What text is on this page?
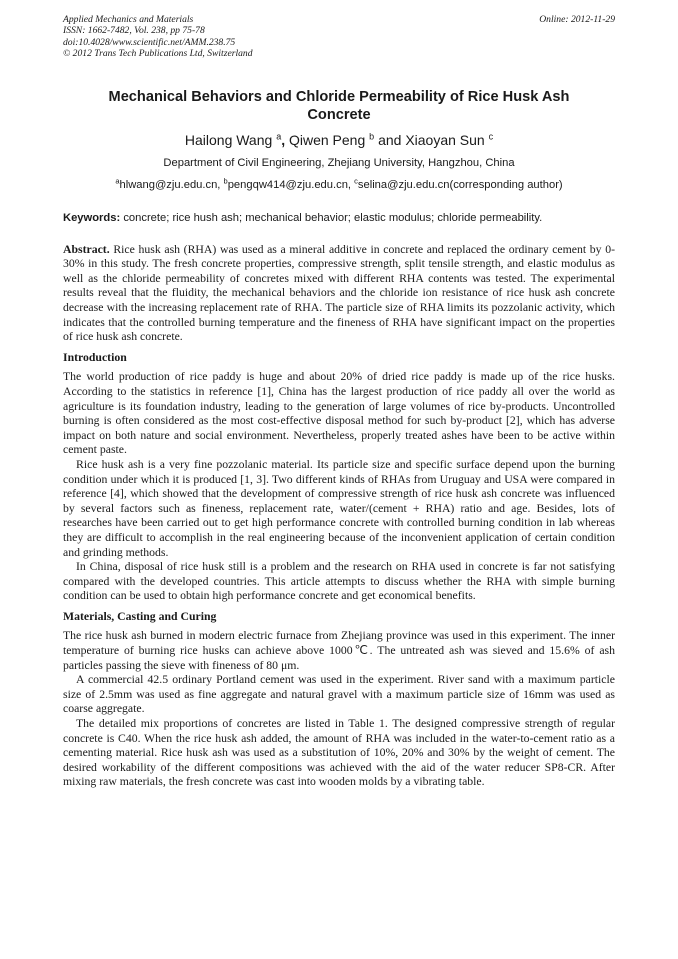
Applied Mechanics and Materials
ISSN: 1662-7482, Vol. 238, pp 75-78
doi:10.4028/www.scientific.net/AMM.238.75
© 2012 Trans Tech Publications Ltd, Switzerland
Online: 2012-11-29
Mechanical Behaviors and Chloride Permeability of Rice Husk Ash Concrete
Hailong Wang $^a$, Qiwen Peng $^b$ and Xiaoyan Sun $^c$
Department of Civil Engineering, Zhejiang University, Hangzhou, China
$^a$hlwang@zju.edu.cn, $^b$pengqw414@zju.edu.cn, $^c$selina@zju.edu.cn(corresponding author)
Keywords: concrete; rice hush ash; mechanical behavior; elastic modulus; chloride permeability.
Abstract. Rice husk ash (RHA) was used as a mineral additive in concrete and replaced the ordinary cement by 0-30% in this study. The fresh concrete properties, compressive strength, split tensile strength, and elastic modulus as well as the chloride permeability of concretes mixed with different RHA contents was tested. The experimental results reveal that the fluidity, the mechanical behaviors and the chloride ion resistance of rice husk ash concrete decrease with the increasing replacement rate of RHA. The particle size of RHA limits its pozzolanic activity, which indicates that the controlled burning temperature and the fineness of RHA have significant impact on the properties of rice husk ash concrete.
Introduction

The world production of rice paddy is huge and about 20% of dried rice paddy is made up of the rice husks. According to the statistics in reference [1], China has the largest production of rice paddy all over the world as agriculture is its foundation industry, leading to the generation of large volumes of rice by-products. Uncontrolled burning is often considered as the most cost-effective disposal method for such by-product [2], which has adverse impact on both nature and social environment. Nevertheless, properly treated ashes have been to be active within cement paste.

Rice husk ash is a very fine pozzolanic material. Its particle size and specific surface depend upon the burning condition under which it is produced [1, 3]. Two different kinds of RHAs from Uruguay and USA were compared in reference [4], which showed that the development of compressive strength of rice husk ash concrete was influenced by several factors such as fineness, replacement rate, water/(cement + RHA) ratio and age. Besides, lots of researches have been carried out to get high performance concrete with controlled burning condition in lab whereas they are difficult to accomplish in the real engineering because of the inconvenient application of certain condition and grinding methods.

In China, disposal of rice husk still is a problem and the research on RHA used in concrete is far not satisfying compared with the developed countries. This article attempts to discuss whether the RHA with simple burning condition can be used to obtain high performance concrete and get economical benefits.

Materials, Casting and Curing

The rice husk ash burned in modern electric furnace from Zhejiang province was used in this experiment. The inner temperature of burning rice husks can achieve above 1000℃. The untreated ash was sieved and 15.6% of ash particles passing the sieve with fineness of 80 μm.

A commercial 42.5 ordinary Portland cement was used in the experiment. River sand with a maximum particle size of 2.5mm was used as fine aggregate and natural gravel with a maximum particle size of 16mm was used as coarse aggregate.

The detailed mix proportions of concretes are listed in Table 1. The designed compressive strength of regular concrete is C40. When the rice husk ash added, the amount of RHA was included in the water-to-cement ratio as a cementing material. Rice husk ash was used as a substitution of 10%, 20% and 30% by the weight of cement. The desired workability of the different compositions was achieved with the aid of the water reducer SP8-CR. After mixing raw materials, the fresh concrete was cast into wooden molds by a vibrating table.
